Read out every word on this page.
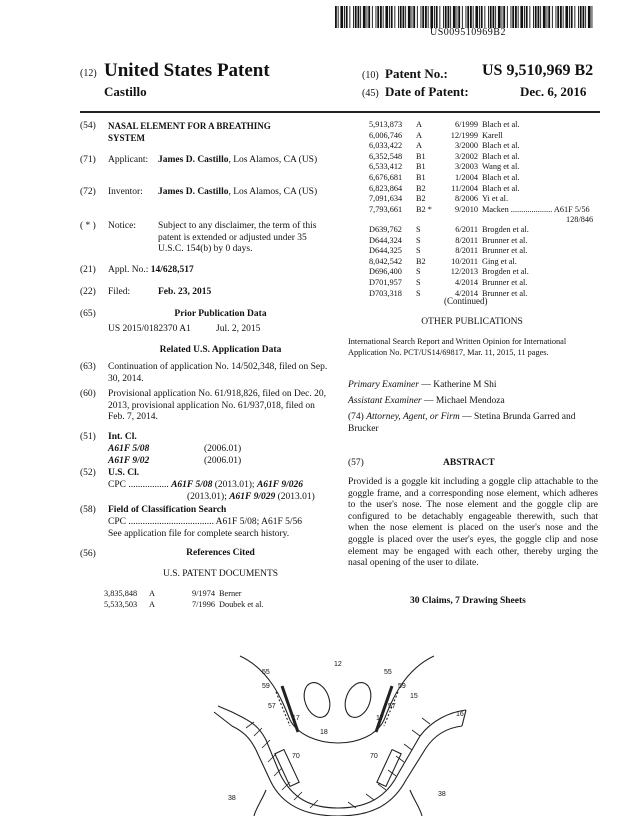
US009510969B2
(12) United States Patent
Castillo
(10) Patent No.: US 9,510,969 B2
(45) Date of Patent:	Dec. 6, 2016
(54) NASAL ELEMENT FOR A BREATHING SYSTEM
(71) Applicant:	James D. Castillo, Los Alamos, CA (US)
(72) Inventor:	James D. Castillo, Los Alamos, CA (US)
( * ) Notice:	Subject to any disclaimer, the term of this patent is extended or adjusted under 35 U.S.C. 154(b) by 0 days.
(21) Appl. No.: 14/628,517
(22) Filed:	Feb. 23, 2015
(65)	Prior Publication Data
US 2015/0182370 A1	Jul. 2, 2015
Related U.S. Application Data
(63) Continuation of application No. 14/502,348, filed on Sep. 30, 2014.
(60) Provisional application No. 61/918,826, filed on Dec. 20, 2013, provisional application No. 61/937,018, filed on Feb. 7, 2014.
(51) Int. Cl.
A61F 5/08	(2006.01)
A61F 9/02	(2006.01)
(52) U.S. Cl.
CPC ................. A61F 5/08 (2013.01); A61F 9/026
(2013.01); A61F 9/029 (2013.01)
(58) Field of Classification Search
CPC .................................... A61F 5/08; A61F 5/56
See application file for complete search history.
(56)	References Cited
U.S. PATENT DOCUMENTS
3,835,848	A	9/1974	Berner
5,533,503	A	7/1996	Doubek et al.
5,913,873	A	6/1999	Blach et al.
6,006,746	A	12/1999	Karell
6,033,422	A	3/2000	Blach et al.
6,352,548	B1	3/2002	Blach et al.
6,533,412	B1	3/2003	Wang et al.
6,676,681	B1	1/2004	Blach et al.
6,823,864	B2	11/2004	Blach et al.
7,091,634	B2	8/2006	Yi et al.
7,793,661	B2 *	9/2010	Macken .................... A61F 5/56
128/846
D639,762	S	6/2011	Brogden et al.
D644,324	S	8/2011	Brunner et al.
D644,325	S	8/2011	Brunner et al.
8,042,542	B2	10/2011	Ging et al.
D696,400	S	12/2013	Brogden et al.
D701,957	S	4/2014	Brunner et al.
D703,318	S	4/2014	Brunner et al.
(Continued)
OTHER PUBLICATIONS
International Search Report and Written Opinion for International Application No. PCT/US14/69817, Mar. 11, 2015, 11 pages.
Primary Examiner — Katherine M Shi
Assistant Examiner — Michael Mendoza
(74) Attorney, Agent, or Firm — Stetina Brunda Garred and Brucker
(57)	ABSTRACT
Provided is a goggle kit including a goggle clip attachable to the goggle frame, and a corresponding nose element, which adheres to the user's nose. The nose element and the goggle clip are configured to be detachably engageable therewith, such that when the nose element is placed on the user's nose and the goggle is placed over the user's eyes, the goggle clip and nose element may be engaged with each other, thereby urging the nasal opening of the user to dilate.
30 Claims, 7 Drawing Sheets
12
55
59
57
17
18
17
57
15
59
55
16
70	70
38
38
